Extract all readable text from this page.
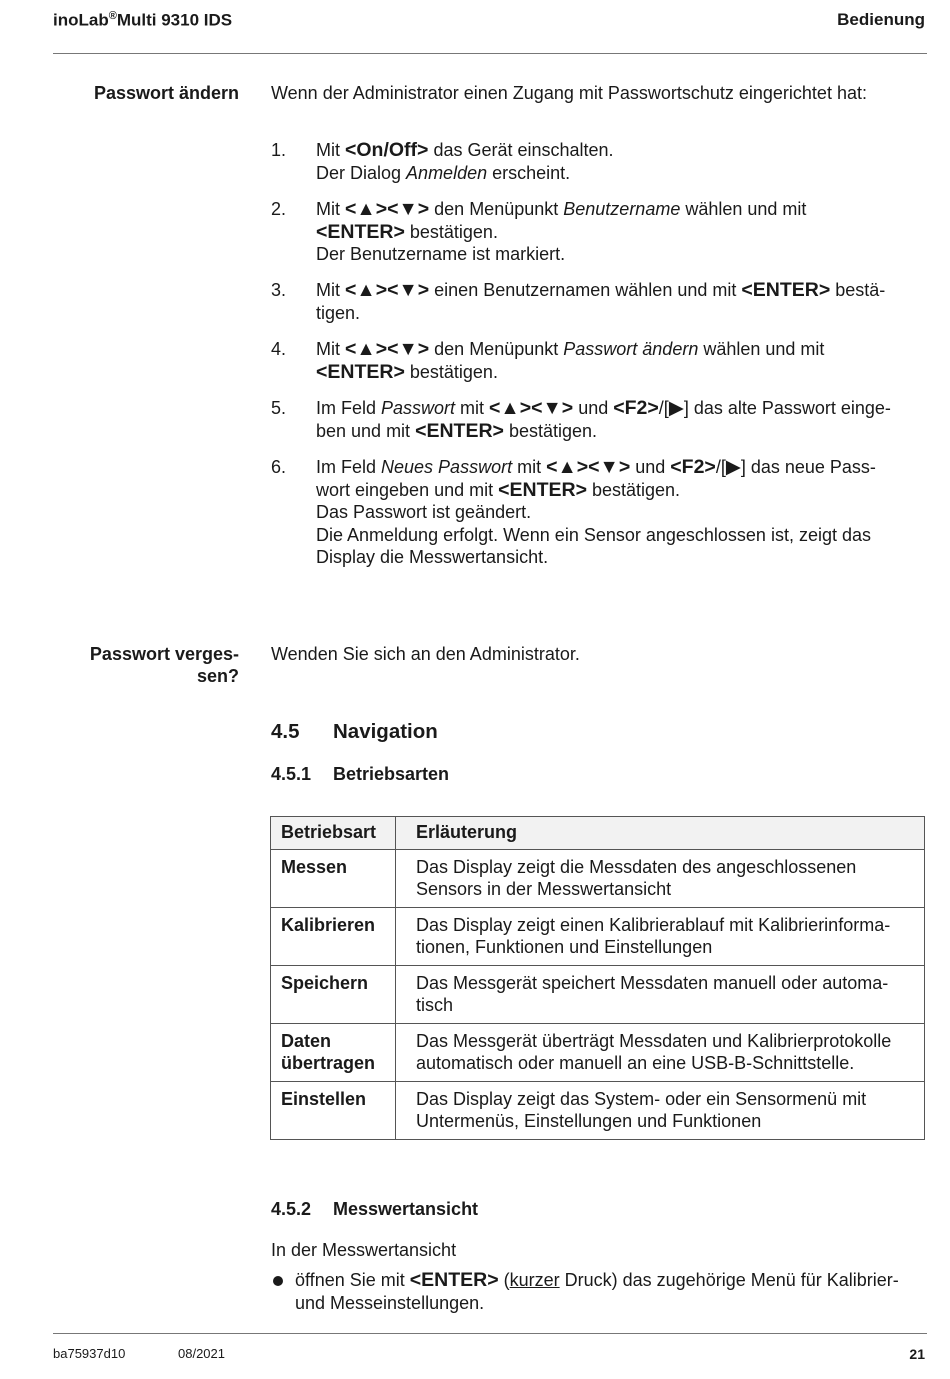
inoLab®Multi 9310 IDS	Bedienung
Passwort ändern Wenn der Administrator einen Zugang mit Passwortschutz eingerichtet hat:
1. Mit <On/Off> das Gerät einschalten.
Der Dialog Anmelden erscheint.
2. Mit <▲><▼> den Menüpunkt Benutzername wählen und mit
<ENTER> bestätigen.
Der Benutzername ist markiert.
3. Mit <▲><▼> einen Benutzernamen wählen und mit <ENTER> bestä-
tigen.
4. Mit <▲><▼> den Menüpunkt Passwort ändern wählen und mit
<ENTER> bestätigen.
5. Im Feld Passwort mit <▲><▼> und <F2>/[▶] das alte Passwort einge-
ben und mit <ENTER> bestätigen.
6. Im Feld Neues Passwort mit <▲><▼> und <F2>/[▶] das neue Pass-
wort eingeben und mit <ENTER> bestätigen.
Das Passwort ist geändert.
Die Anmeldung erfolgt. Wenn ein Sensor angeschlossen ist, zeigt das
Display die Messwertansicht.
Passwort verges-
sen?
Wenden Sie sich an den Administrator.
4.5 Navigation
4.5.1 Betriebsarten
Betriebsart	Erläuterung
Messen	Das Display zeigt die Messdaten des angeschlossenen
Sensors in der Messwertansicht
Kalibrieren	Das Display zeigt einen Kalibrierablauf mit Kalibrierinforma-
tionen, Funktionen und Einstellungen
Speichern	Das Messgerät speichert Messdaten manuell oder automa-
tisch
Daten
übertragen	Das Messgerät überträgt Messdaten und Kalibrierprotokolle
automatisch oder manuell an eine USB-B-Schnittstelle.
Einstellen	Das Display zeigt das System- oder ein Sensormenü mit
Untermenüs, Einstellungen und Funktionen
4.5.2 Messwertansicht
In der Messwertansicht
öffnen Sie mit <ENTER> (kurzer Druck) das zugehörige Menü für Kalibrier-
und Messeinstellungen.
ba75937d10	08/2021	21
